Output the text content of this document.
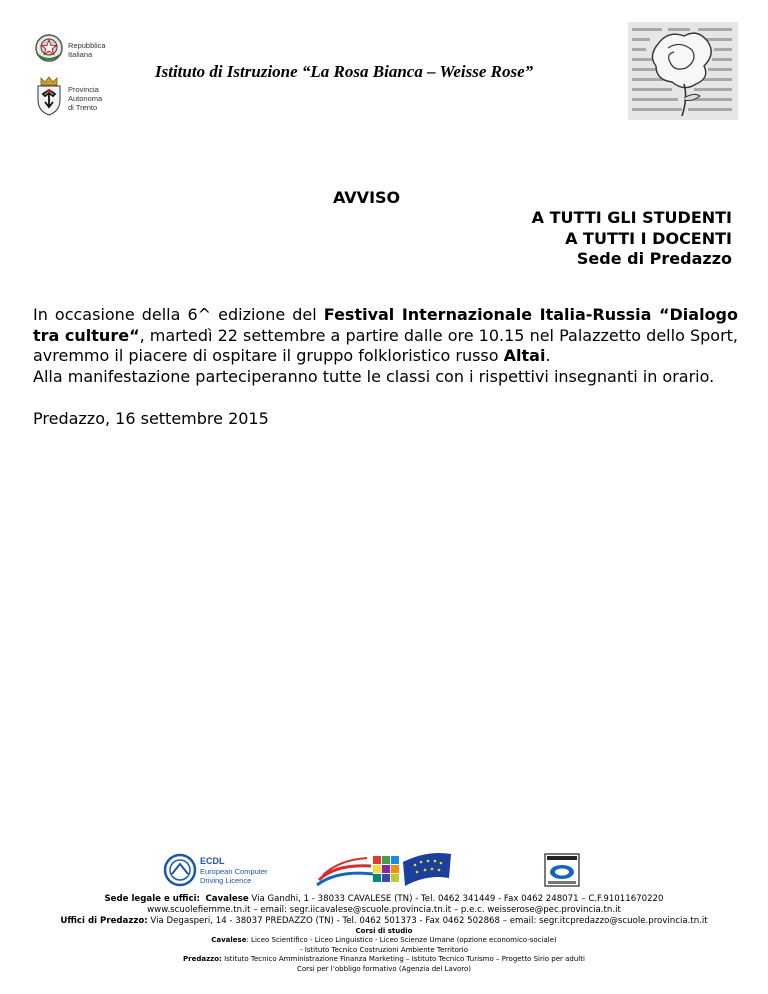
Repubblica
Italiana
Provincia
Autonoma
di Trento
Istituto di Istruzione “La Rosa Bianca – Weisse Rose”
AVVISO
A TUTTI GLI STUDENTI
A TUTTI I DOCENTI
Sede di Predazzo
In occasione della 6^ edizione del Festival Internazionale Italia-Russia “Dialogo
tra culture“, martedì 22 settembre a partire dalle ore 10.15 nel Palazzetto dello Sport,
avremmo il piacere di ospitare il gruppo folkloristico russo Altai.
Alla manifestazione parteciperanno tutte le classi con i rispettivi insegnanti in orario.
Predazzo, 16 settembre 2015
ECDL
European Computer
Driving Licence
Sede legale e uffici: Cavalese Via Gandhi, 1 - 38033 CAVALESE (TN) - Tel. 0462 341449 - Fax 0462 248071 – C.F.91011670220
www.scuolefiemme.tn.it – email: segr.iicavalese@scuole.provincia.tn.it – p.e.c. weisserose@pec.provincia.tn.it
Uffici di Predazzo: Via Degasperi, 14 - 38037 PREDAZZO (TN) - Tel. 0462 501373 - Fax 0462 502868 – email: segr.itcpredazzo@scuole.provincia.tn.it
Corsi di studio
Cavalese: Liceo Scientifico - Liceo Linguistico - Liceo Scienze Umane (opzione economico-sociale)
- Istituto Tecnico Costruzioni Ambiente Territorio
Predazzo: Istituto Tecnico Amministrazione Finanza Marketing – Istituto Tecnico Turismo – Progetto Sirio per adulti
Corsi per l’obbligo formativo (Agenzia del Lavoro)
